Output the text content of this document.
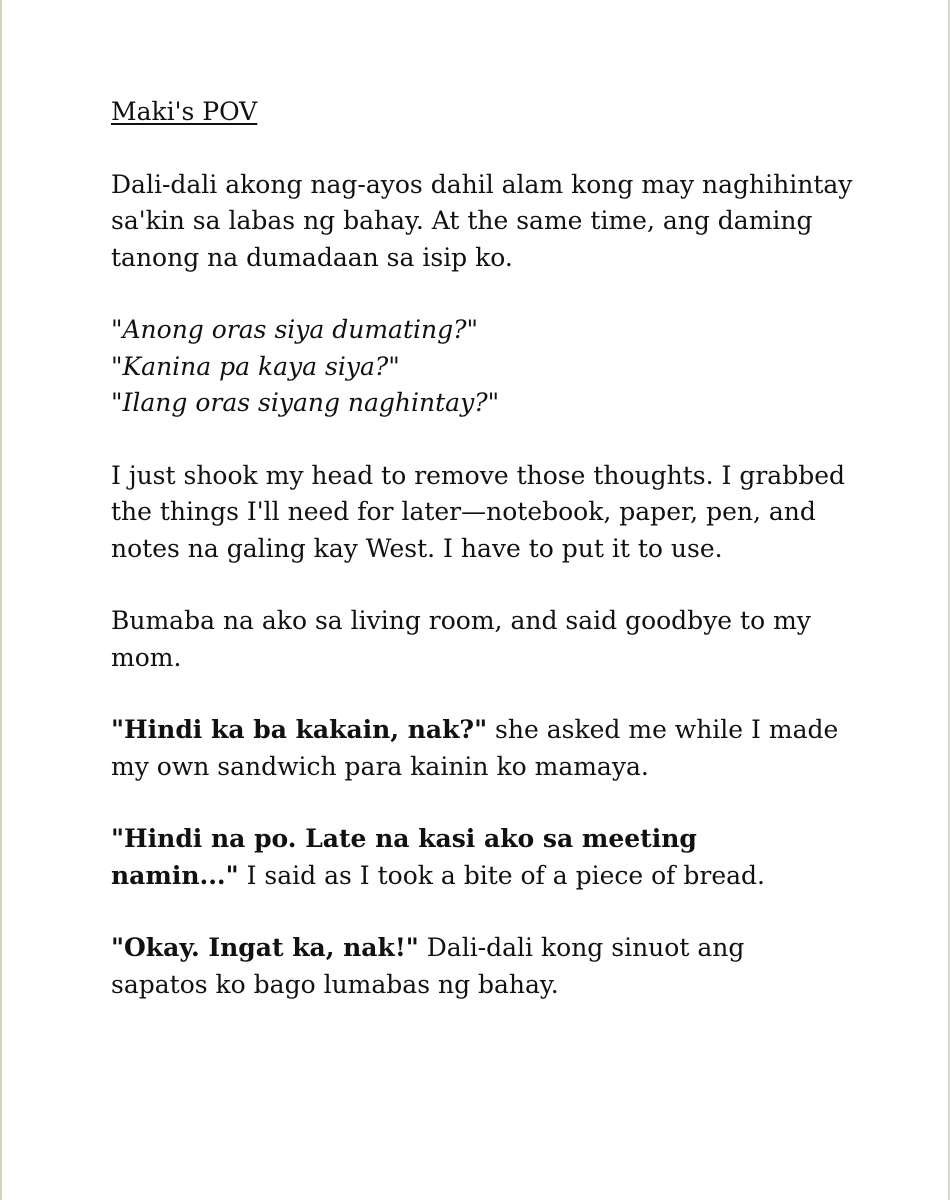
Maki's POV

Dali-dali akong nag-ayos dahil alam kong may naghihintay
sa'kin sa labas ng bahay. At the same time, ang daming
tanong na dumadaan sa isip ko.

"Anong oras siya dumating?"
"Kanina pa kaya siya?"
"Ilang oras siyang naghintay?"

I just shook my head to remove those thoughts. I grabbed
the things I'll need for later—notebook, paper, pen, and
notes na galing kay West. I have to put it to use.

Bumaba na ako sa living room, and said goodbye to my
mom.

"Hindi ka ba kakain, nak?" she asked me while I made
my own sandwich para kainin ko mamaya.

"Hindi na po. Late na kasi ako sa meeting
namin..." I said as I took a bite of a piece of bread.

"Okay. Ingat ka, nak!" Dali-dali kong sinuot ang
sapatos ko bago lumabas ng bahay.
